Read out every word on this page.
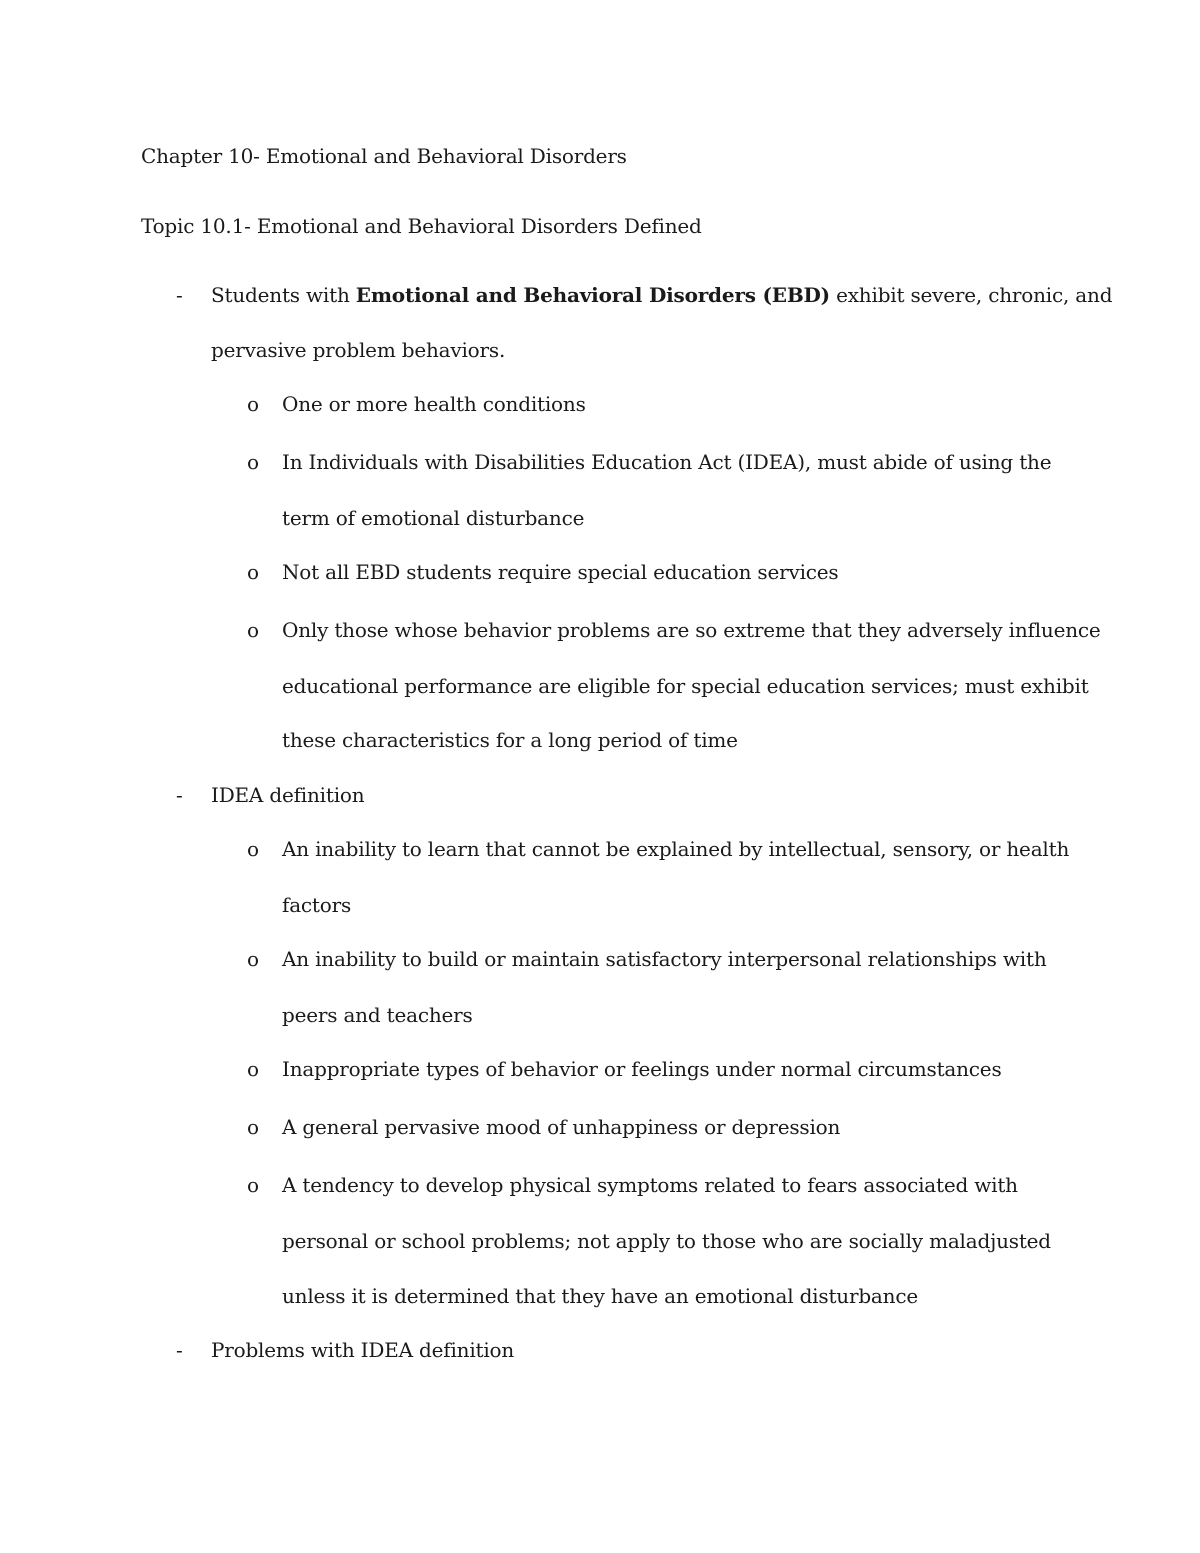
Chapter 10- Emotional and Behavioral Disorders
Topic 10.1- Emotional and Behavioral Disorders Defined
- Students with Emotional and Behavioral Disorders (EBD) exhibit severe, chronic, and
pervasive problem behaviors.
o One or more health conditions
o In Individuals with Disabilities Education Act (IDEA), must abide of using the
term of emotional disturbance
o Not all EBD students require special education services
o Only those whose behavior problems are so extreme that they adversely influence
educational performance are eligible for special education services; must exhibit
these characteristics for a long period of time
- IDEA definition
o An inability to learn that cannot be explained by intellectual, sensory, or health
factors
o An inability to build or maintain satisfactory interpersonal relationships with
peers and teachers
o Inappropriate types of behavior or feelings under normal circumstances
o A general pervasive mood of unhappiness or depression
o A tendency to develop physical symptoms related to fears associated with
personal or school problems; not apply to those who are socially maladjusted
unless it is determined that they have an emotional disturbance
- Problems with IDEA definition
